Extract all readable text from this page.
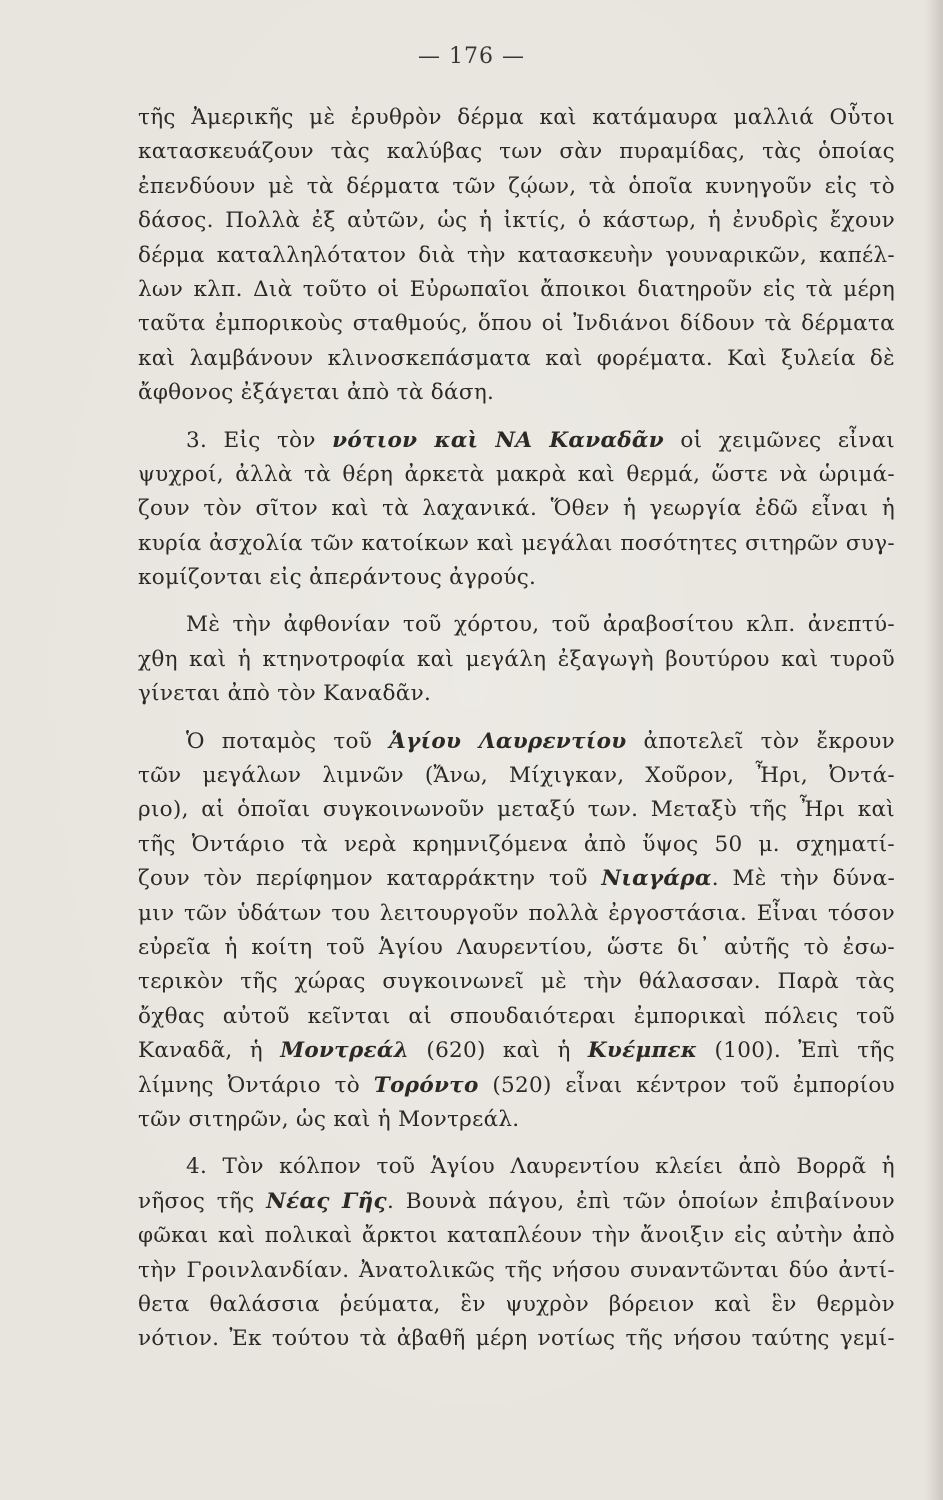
— 176 —
τῆς Ἀμερικῆς μὲ ἐρυθρὸν δέρμα καὶ κατάμαυρα μαλλιά Οὗτοι
κατασκευάζουν τὰς καλύβας των σὰν πυραμίδας, τὰς ὁποίας
ἐπενδύουν μὲ τὰ δέρματα τῶν ζῴων, τὰ ὁποῖα κυνηγοῦν εἰς τὸ
δάσος. Πολλὰ ἐξ αὐτῶν, ὡς ἡ ἰκτίς, ὁ κάστωρ, ἡ ἐνυδρὶς ἔχουν
δέρμα καταλληλότατον διὰ τὴν κατασκευὴν γουναρικῶν, καπέλ-
λων κλπ. Διὰ τοῦτο οἱ Εὐρωπαῖοι ἄποικοι διατηροῦν εἰς τὰ μέρη
ταῦτα ἐμπορικοὺς σταθμούς, ὅπου οἱ Ἰνδιάνοι δίδουν τὰ δέρματα
καὶ λαμβάνουν κλινοσκεπάσματα καὶ φορέματα. Καὶ ξυλεία δὲ
ἄφθονος ἐξάγεται ἀπὸ τὰ δάση.
3. Εἰς τὸν νότιον καὶ ΝΑ Καναδᾶν οἱ χειμῶνες εἶναι
ψυχροί, ἀλλὰ τὰ θέρη ἀρκετὰ μακρὰ καὶ θερμά, ὥστε νὰ ὡριμά-
ζουν τὸν σῖτον καὶ τὰ λαχανικά. Ὅθεν ἡ γεωργία ἐδῶ εἶναι ἡ
κυρία ἀσχολία τῶν κατοίκων καὶ μεγάλαι ποσότητες σιτηρῶν συγ-
κομίζονται εἰς ἀπεράντους ἀγρούς.
Μὲ τὴν ἀφθονίαν τοῦ χόρτου, τοῦ ἀραβοσίτου κλπ. ἀνεπτύ-
χθη καὶ ἡ κτηνοτροφία καὶ μεγάλη ἐξαγωγὴ βουτύρου καὶ τυροῦ
γίνεται ἀπὸ τὸν Καναδᾶν.
Ὁ ποταμὸς τοῦ Ἁγίου Λαυρεντίου ἀποτελεῖ τὸν ἔκρουν
τῶν μεγάλων λιμνῶν (Ἄνω, Μίχιγκαν, Χοῦρον, Ἦρι, Ὀντά-
ριο), αἱ ὁποῖαι συγκοινωνοῦν μεταξύ των. Μεταξὺ τῆς Ἦρι καὶ
τῆς Ὀντάριο τὰ νερὰ κρημνιζόμενα ἀπὸ ὕψος 50 μ. σχηματί-
ζουν τὸν περίφημον καταρράκτην τοῦ Νιαγάρα. Μὲ τὴν δύνα-
μιν τῶν ὑδάτων του λειτουργοῦν πολλὰ ἐργοστάσια. Εἶναι τόσον
εὐρεῖα ἡ κοίτη τοῦ Ἁγίου Λαυρεντίου, ὥστε δι᾿ αὐτῆς τὸ ἐσω-
τερικὸν τῆς χώρας συγκοινωνεῖ μὲ τὴν θάλασσαν. Παρὰ τὰς
ὄχθας αὐτοῦ κεῖνται αἱ σπουδαιότεραι ἐμπορικαὶ πόλεις τοῦ
Καναδᾶ, ἡ Μοντρεάλ (620) καὶ ἡ Κυέμπεκ (100). Ἐπὶ τῆς
λίμνης Ὀντάριο τὸ Τορόντο (520) εἶναι κέντρον τοῦ ἐμπορίου
τῶν σιτηρῶν, ὡς καὶ ἡ Μοντρεάλ.
4. Τὸν κόλπον τοῦ Ἁγίου Λαυρεντίου κλείει ἀπὸ Βορρᾶ ἡ
νῆσος τῆς Νέας Γῆς. Βουνὰ πάγου, ἐπὶ τῶν ὁποίων ἐπιβαίνουν
φῶκαι καὶ πολικαὶ ἄρκτοι καταπλέουν τὴν ἄνοιξιν εἰς αὐτὴν ἀπὸ
τὴν Γροινλανδίαν. Ἀνατολικῶς τῆς νήσου συναντῶνται δύο ἀντί-
θετα θαλάσσια ῥεύματα, ἓν ψυχρὸν βόρειον καὶ ἓν θερμὸν
νότιον. Ἐκ τούτου τὰ ἀβαθῆ μέρη νοτίως τῆς νήσου ταύτης γεμί-
